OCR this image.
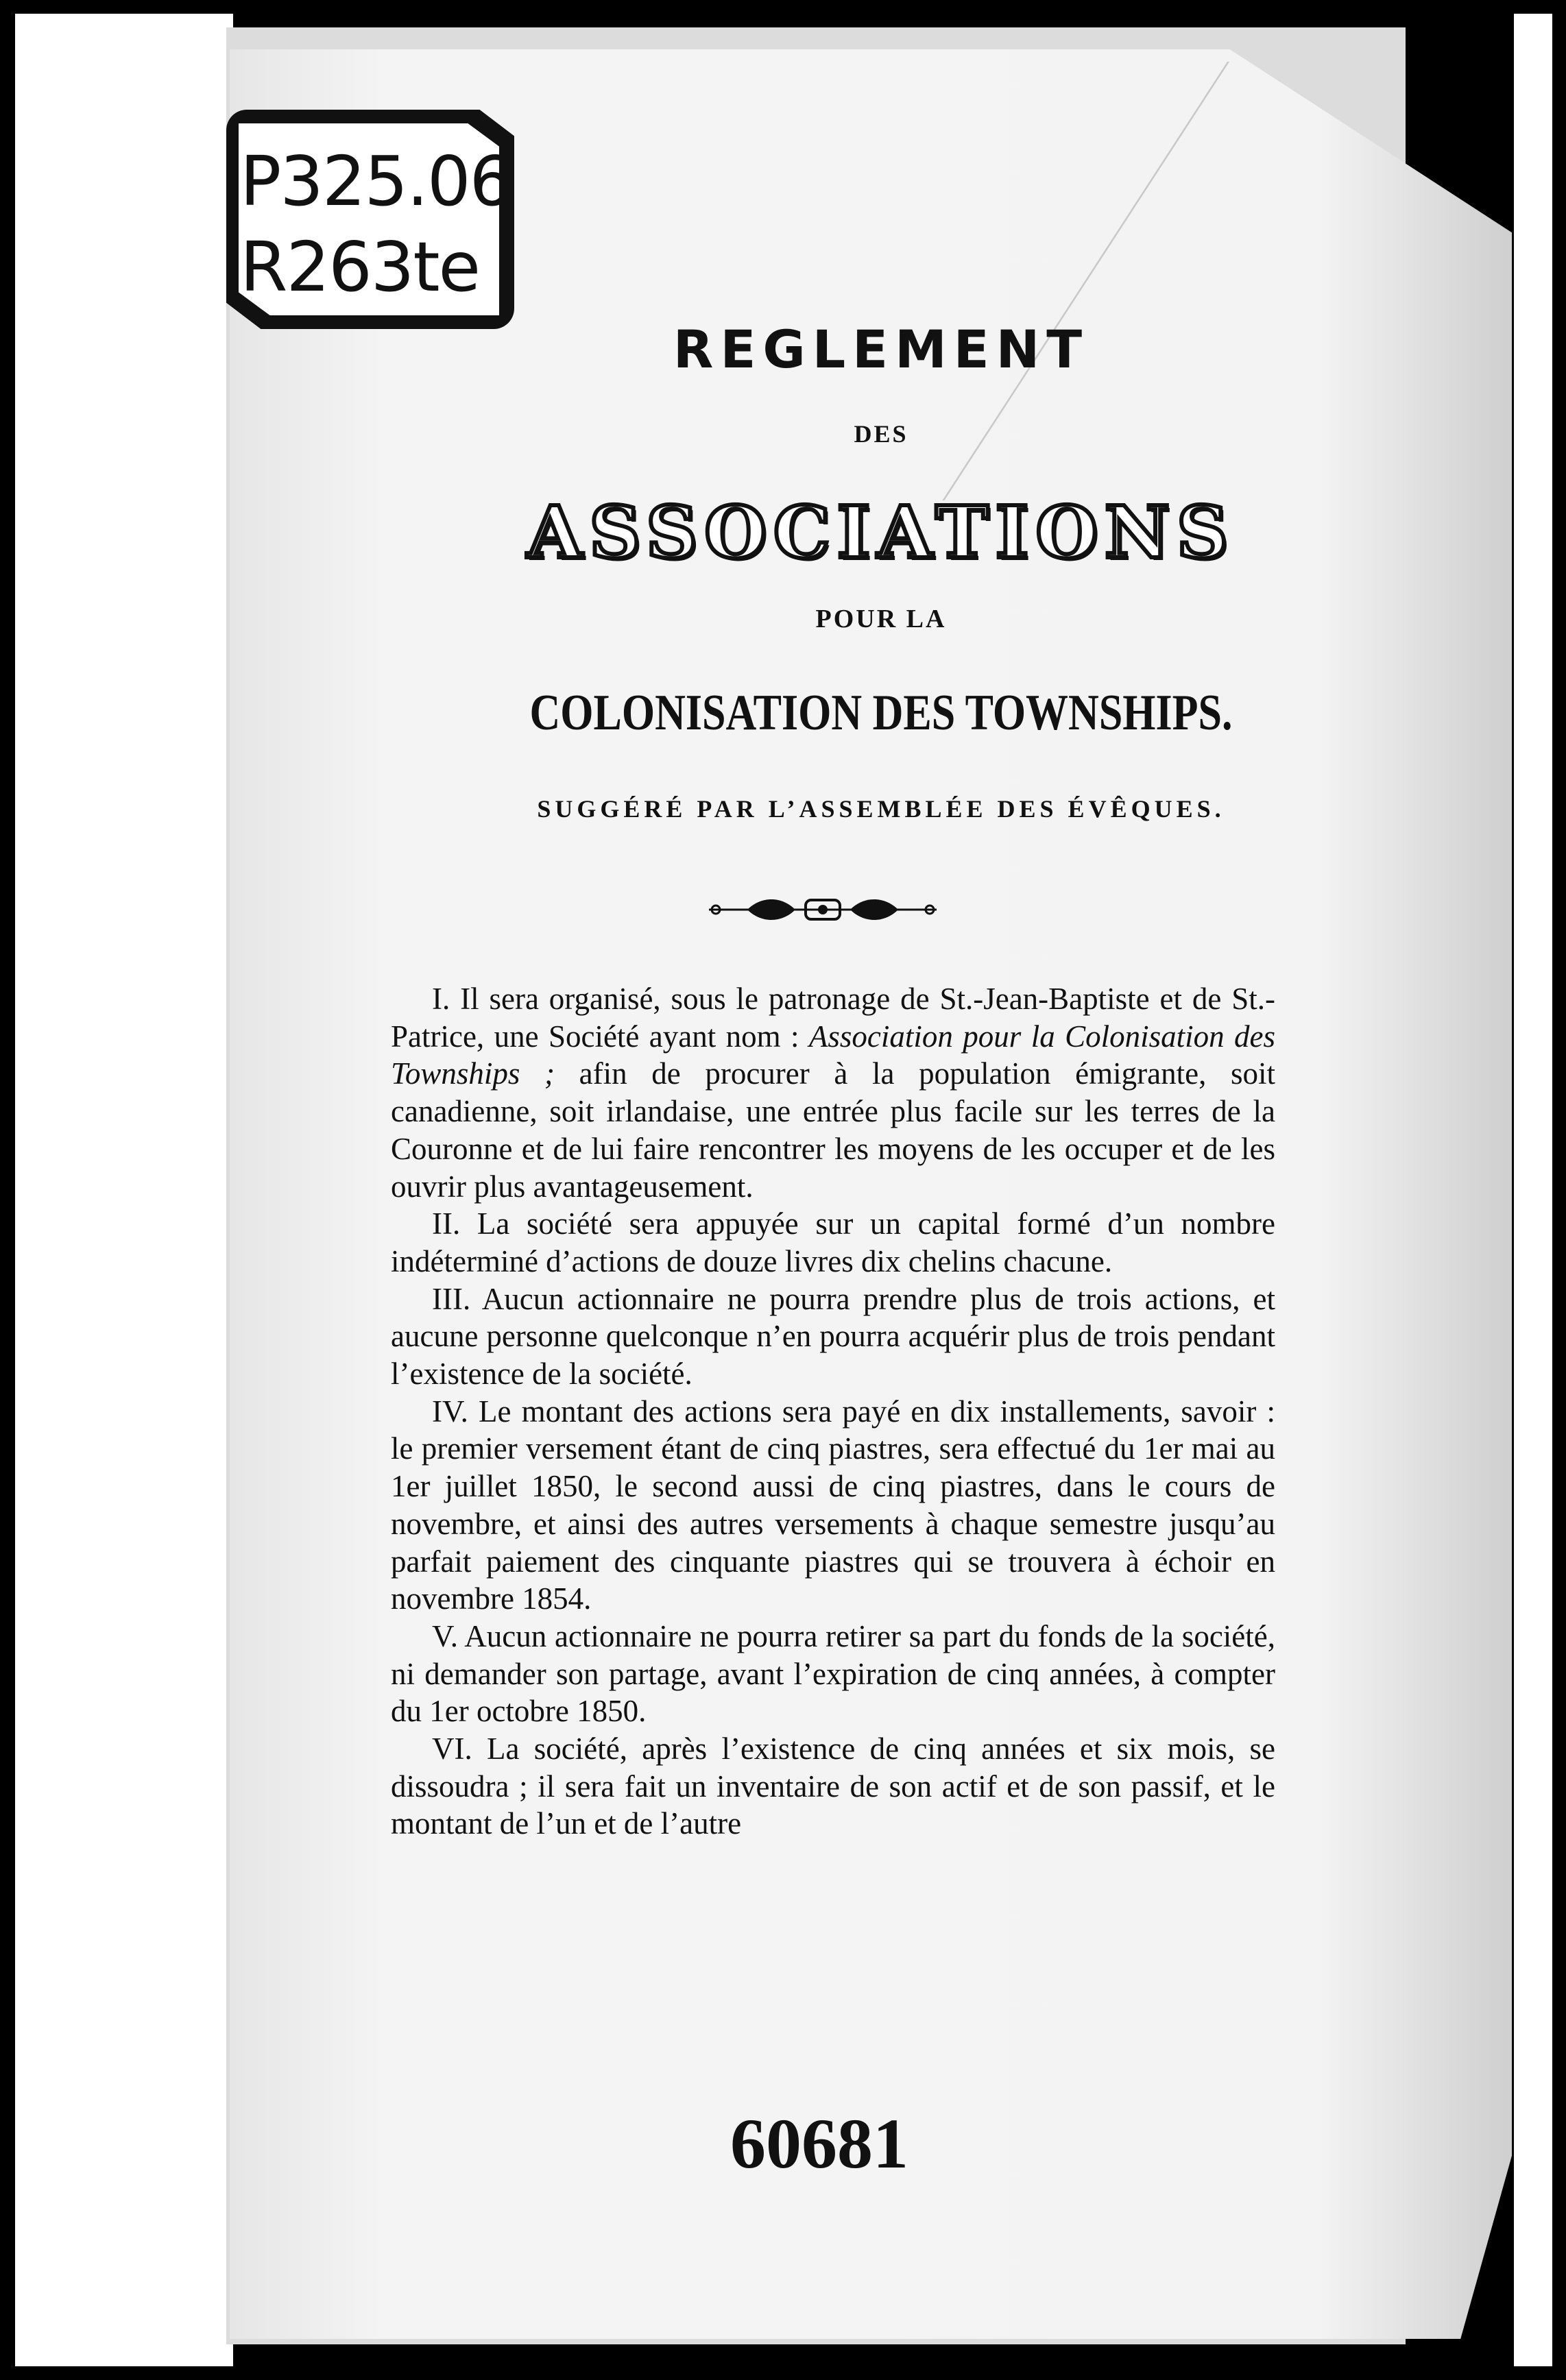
P325.06
R263te
REGLEMENT
DES
ASSOCIATIONS
POUR LA
COLONISATION DES TOWNSHIPS.
SUGGÉRÉ PAR L’ASSEMBLÉE DES ÉVÊQUES.

I. Il sera organisé, sous le patronage de St.-Jean-Baptiste et de St.-Patrice, une Société ayant nom : Association pour la Colonisation des Townships ; afin de procurer à la population émigrante, soit canadienne, soit irlandaise, une entrée plus facile sur les terres de la Couronne et de lui faire rencontrer les moyens de les occuper et de les ouvrir plus avantageusement.

II. La société sera appuyée sur un capital formé d’un nombre indéterminé d’actions de douze livres dix chelins chacune.

III. Aucun actionnaire ne pourra prendre plus de trois actions, et aucune personne quelconque n’en pourra acquérir plus de trois pendant l’existence de la société.

IV. Le montant des actions sera payé en dix installements, savoir : le premier versement étant de cinq piastres, sera effectué du 1er mai au 1er juillet 1850, le second aussi de cinq piastres, dans le cours de novembre, et ainsi des autres versements à chaque semestre jusqu’au parfait paiement des cinquante piastres qui se trouvera à échoir en novembre 1854.

V. Aucun actionnaire ne pourra retirer sa part du fonds de la société, ni demander son partage, avant l’expiration de cinq années, à compter du 1er octobre 1850.

VI. La société, après l’existence de cinq années et six mois, se dissoudra ; il sera fait un inventaire de son actif et de son passif, et le montant de l’un et de l’autre

60681
